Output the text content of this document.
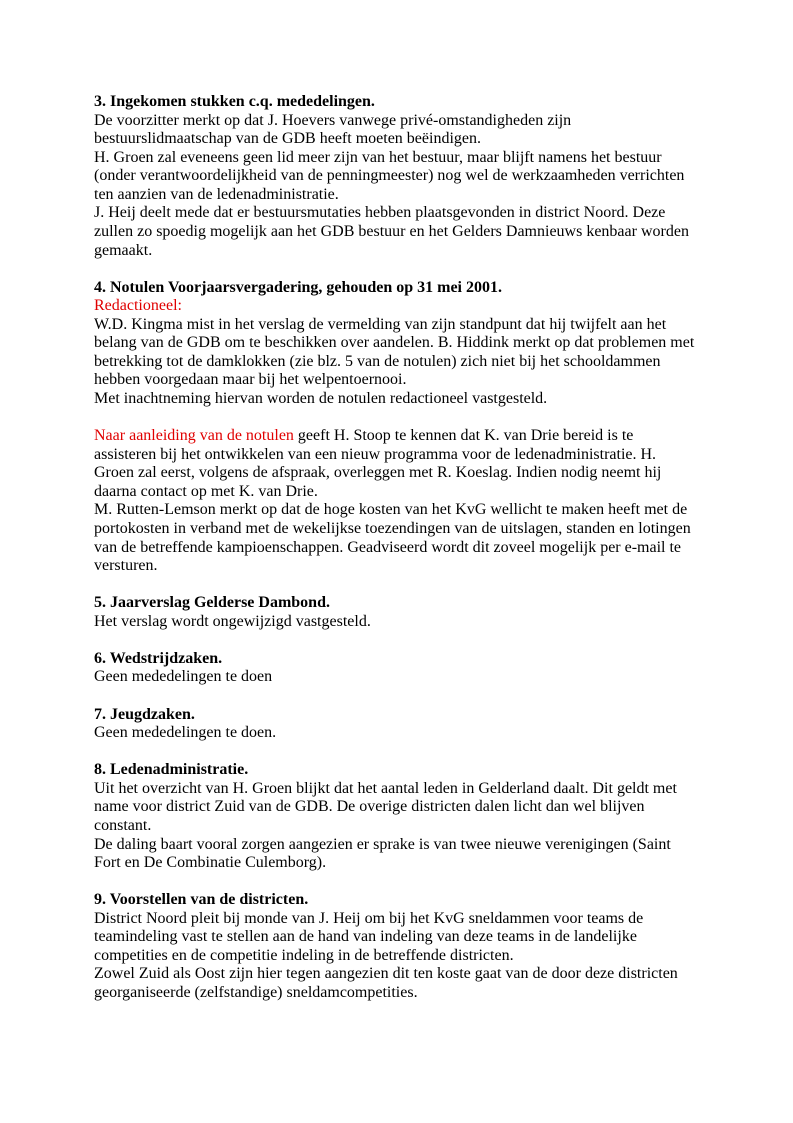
3. Ingekomen stukken c.q. mededelingen.
De voorzitter merkt op dat J. Hoevers vanwege privé-omstandigheden zijn
bestuurslidmaatschap van de GDB heeft moeten beëindigen.
H. Groen zal eveneens geen lid meer zijn van het bestuur, maar blijft namens het bestuur
(onder verantwoordelijkheid van de penningmeester) nog wel de werkzaamheden verrichten
ten aanzien van de ledenadministratie.
J. Heij deelt mede dat er bestuursmutaties hebben plaatsgevonden in district Noord. Deze
zullen zo spoedig mogelijk aan het GDB bestuur en het Gelders Damnieuws kenbaar worden
gemaakt.

4. Notulen Voorjaarsvergadering, gehouden op 31 mei 2001.
Redactioneel:
W.D. Kingma mist in het verslag de vermelding van zijn standpunt dat hij twijfelt aan het
belang van de GDB om te beschikken over aandelen. B. Hiddink merkt op dat problemen met
betrekking tot de damklokken (zie blz. 5 van de notulen) zich niet bij het schooldammen
hebben voorgedaan maar bij het welpentoernooi.
Met inachtneming hiervan worden de notulen redactioneel vastgesteld.

Naar aanleiding van de notulen geeft H. Stoop te kennen dat K. van Drie bereid is te
assisteren bij het ontwikkelen van een nieuw programma voor de ledenadministratie. H.
Groen zal eerst, volgens de afspraak, overleggen met R. Koeslag. Indien nodig neemt hij
daarna contact op met K. van Drie.
M. Rutten-Lemson merkt op dat de hoge kosten van het KvG wellicht te maken heeft met de
portokosten in verband met de wekelijkse toezendingen van de uitslagen, standen en lotingen
van de betreffende kampioenschappen. Geadviseerd wordt dit zoveel mogelijk per e-mail te
versturen.

5. Jaarverslag Gelderse Dambond.
Het verslag wordt ongewijzigd vastgesteld.

6. Wedstrijdzaken.
Geen mededelingen te doen

7. Jeugdzaken.
Geen mededelingen te doen.

8. Ledenadministratie.
Uit het overzicht van H. Groen blijkt dat het aantal leden in Gelderland daalt. Dit geldt met
name voor district Zuid van de GDB. De overige districten dalen licht dan wel blijven
constant.
De daling baart vooral zorgen aangezien er sprake is van twee nieuwe verenigingen (Saint
Fort en De Combinatie Culemborg).

9. Voorstellen van de districten.
District Noord pleit bij monde van J. Heij om bij het KvG sneldammen voor teams de
teamindeling vast te stellen aan de hand van indeling van deze teams in de landelijke
competities en de competitie indeling in de betreffende districten.
Zowel Zuid als Oost zijn hier tegen aangezien dit ten koste gaat van de door deze districten
georganiseerde (zelfstandige) sneldamcompetities.
